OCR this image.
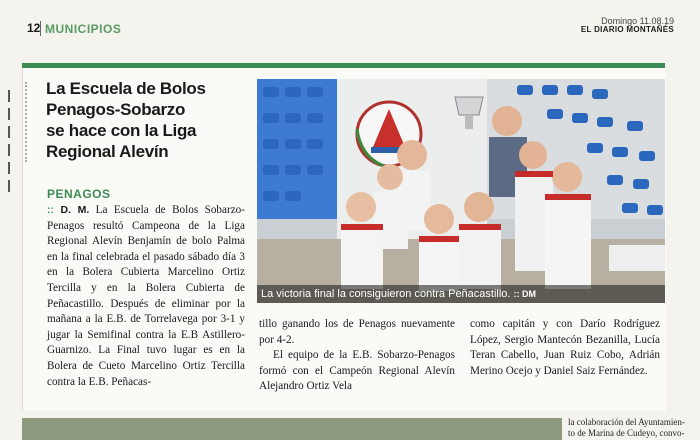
12 MUNICIPIOS
Domingo 11.08.19
EL DIARIO MONTAÑÉS
La Escuela de Bolos
Penagos-Sobarzo
se hace con la Liga
Regional Alevín
PENAGOS

:: D. M. La Escuela de Bolos Sobarzo-Penagos resultó Campeona de la Liga Regional Alevín Benjamín de bolo Palma en la final celebrada el pasado sábado día 3 en la Bolera Cubierta Marcelino Ortiz Tercilla y en la Bolera Cubierta de Peñacastillo. Después de eliminar por la mañana a la E.B. de Torrelavega por 3-1 y jugar la Semifinal contra la E.B Astillero-Guarnizo. La Final tuvo lugar es en la Bolera de Cueto Marcelino Ortiz Tercilla contra la E.B. Peñacas-

tillo ganando los de Penagos nuevamente por 4-2.

El equipo de la E.B. Sobarzo-Penagos formó con el Campeón Regional Alevín Alejandro Ortiz Vela

como capitán y con Darío Rodríguez López, Sergio Mantecón Bezanilla, Lucía Teran Cabello, Juan Ruiz Cobo, Adrián Merino Ocejo y Daniel Saiz Fernández.

La victoria final la consiguieron contra Peñacastillo. :: DM
la colaboración del Ayuntamien-
to de Marina de Cudeyo, convo-
